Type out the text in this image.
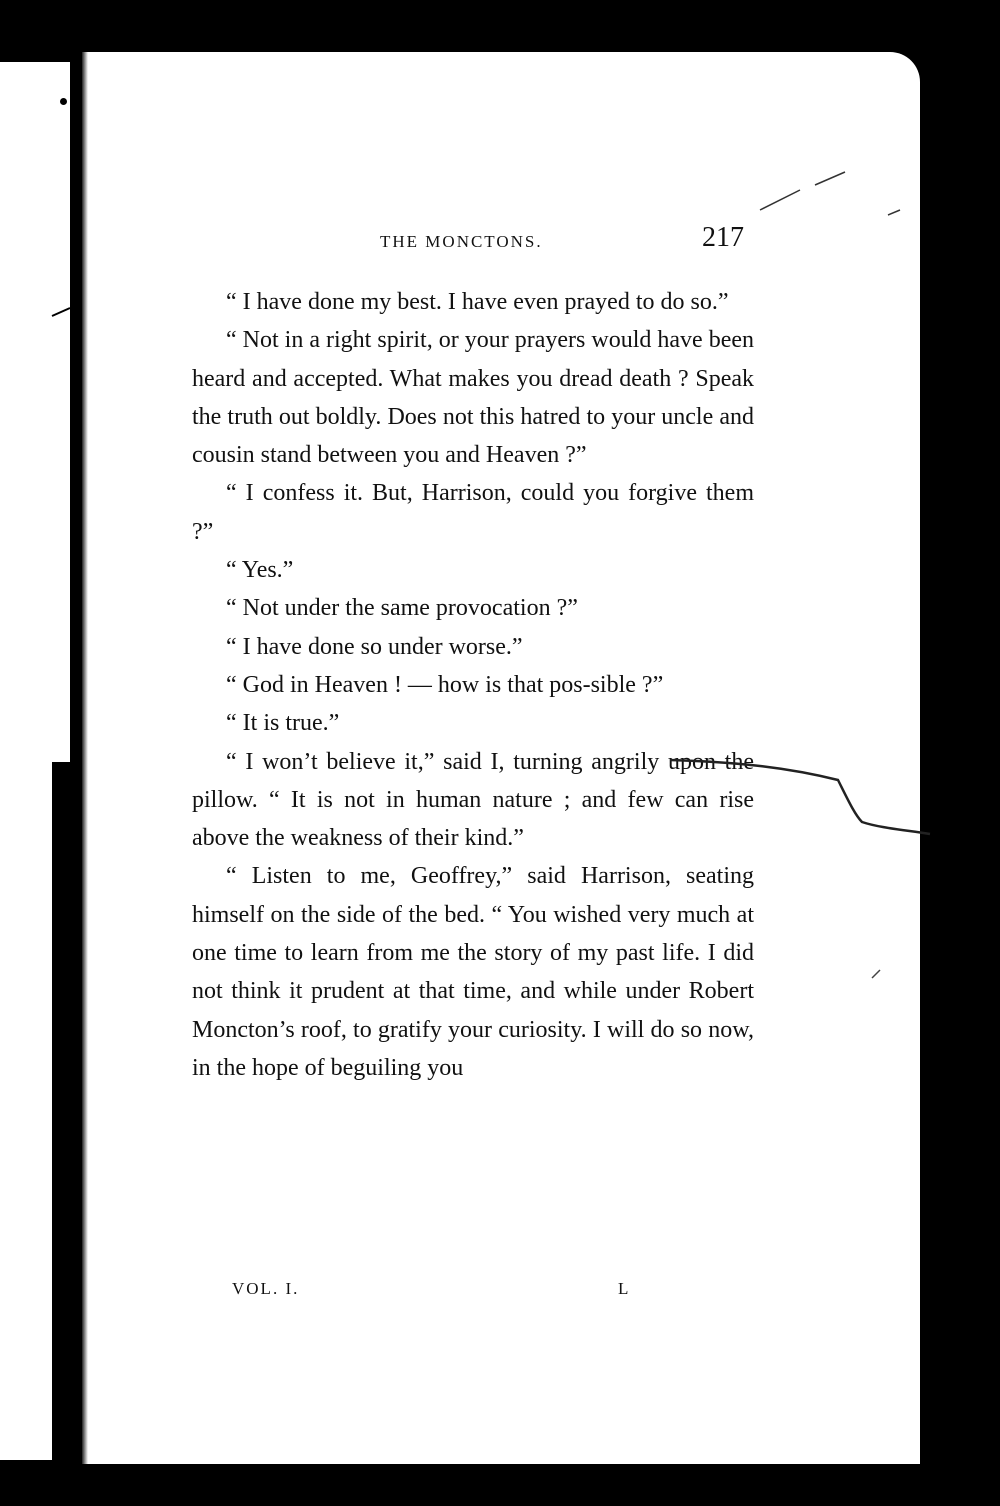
THE MONCTONS.	217

“ I have done my best. I have even prayed to do so.”

“ Not in a right spirit, or your prayers would have been heard and accepted. What makes you dread death ? Speak the truth out boldly. Does not this hatred to your uncle and cousin stand between you and Heaven ?”

“ I confess it. But, Harrison, could you forgive them ?”

“ Yes.”

“ Not under the same provocation ?”

“ I have done so under worse.”

“ God in Heaven ! — how is that pos-sible ?”

“ It is true.”

“ I won’t believe it,” said I, turning angrily upon the pillow. “ It is not in human nature ; and few can rise above the weakness of their kind.”

“ Listen to me, Geoffrey,” said Harrison, seating himself on the side of the bed. “ You wished very much at one time to learn from me the story of my past life. I did not think it prudent at that time, and while under Robert Moncton’s roof, to gratify your curiosity. I will do so now, in the hope of beguiling you

VOL. I.	L
